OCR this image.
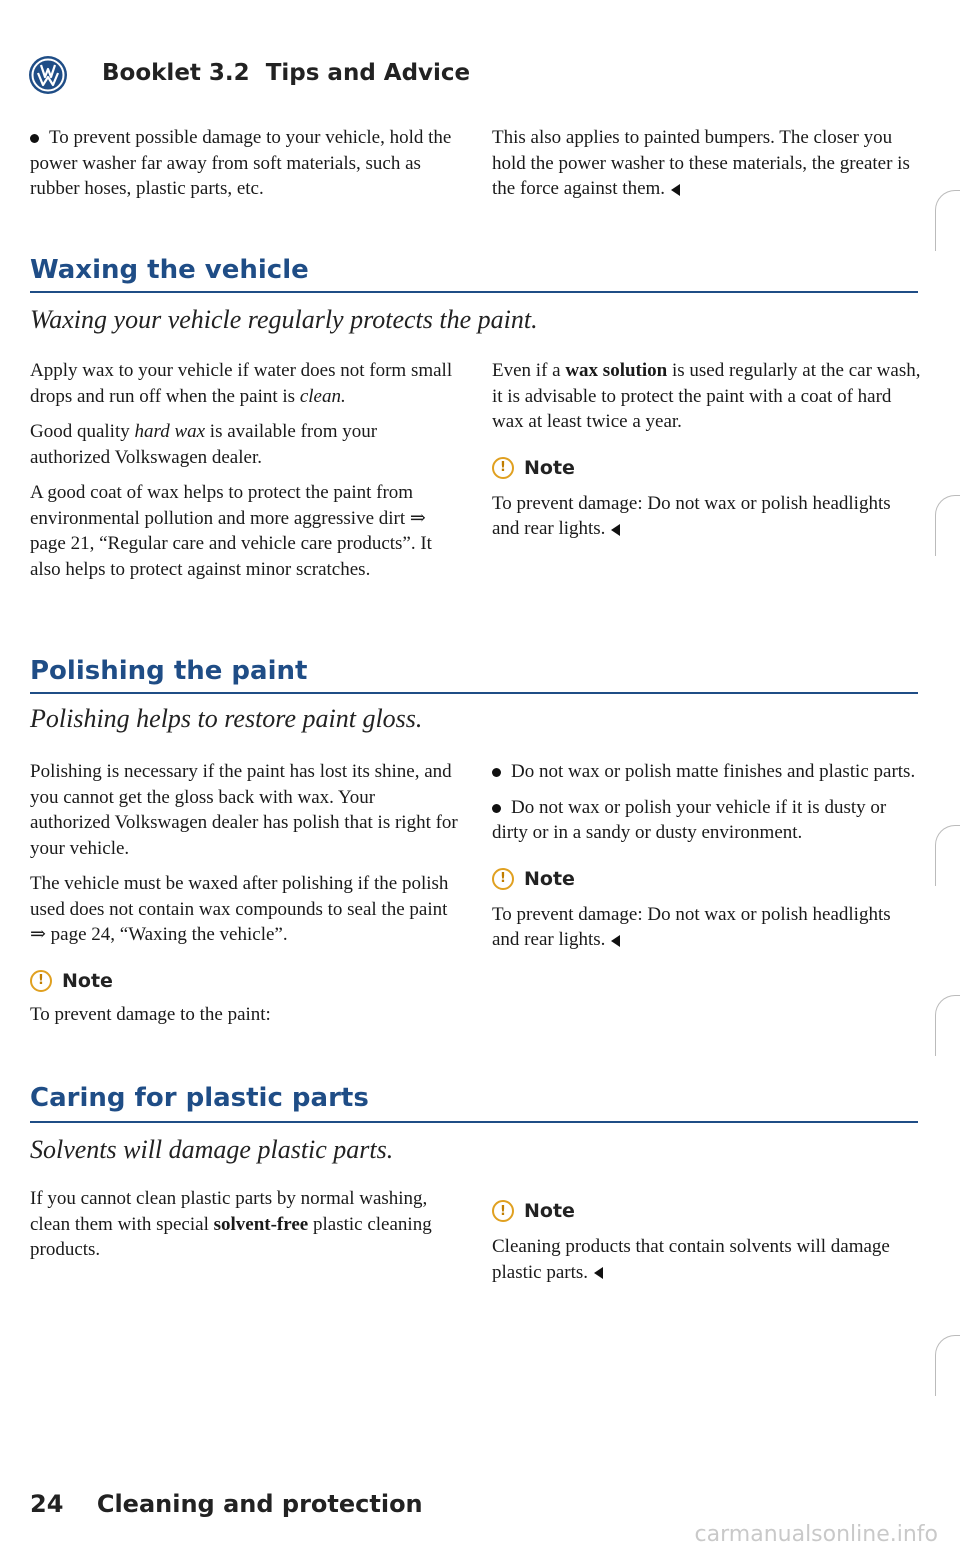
Booklet 3.2 Tips and Advice

To prevent possible damage to your vehicle, hold the power washer far away from soft materials, such as rubber hoses, plastic parts, etc.

This also applies to painted bumpers. The closer you hold the power washer to these materials, the greater is the force against them.

Waxing the vehicle

Waxing your vehicle regularly protects the paint.

Apply wax to your vehicle if water does not form small drops and run off when the paint is clean.

Good quality hard wax is available from your authorized Volkswagen dealer.

A good coat of wax helps to protect the paint from environmental pollution and more aggressive dirt ⇒ page 21, “Regular care and vehicle care products”. It also helps to protect against minor scratches.

Even if a wax solution is used regularly at the car wash, it is advisable to protect the paint with a coat of hard wax at least twice a year.

! Note

To prevent damage: Do not wax or polish headlights and rear lights.

Polishing the paint

Polishing helps to restore paint gloss.

Polishing is necessary if the paint has lost its shine, and you cannot get the gloss back with wax. Your authorized Volkswagen dealer has polish that is right for your vehicle.

The vehicle must be waxed after polishing if the polish used does not contain wax compounds to seal the paint ⇒ page 24, “Waxing the vehicle”.

! Note

To prevent damage to the paint:

Do not wax or polish matte finishes and plastic parts.

Do not wax or polish your vehicle if it is dusty or dirty or in a sandy or dusty environment.

! Note

To prevent damage: Do not wax or polish headlights and rear lights.

Caring for plastic parts

Solvents will damage plastic parts.

If you cannot clean plastic parts by normal washing, clean them with special solvent-free plastic cleaning products.

! Note

Cleaning products that contain solvents will damage plastic parts.

24 Cleaning and protection
carmanualsonline.info
